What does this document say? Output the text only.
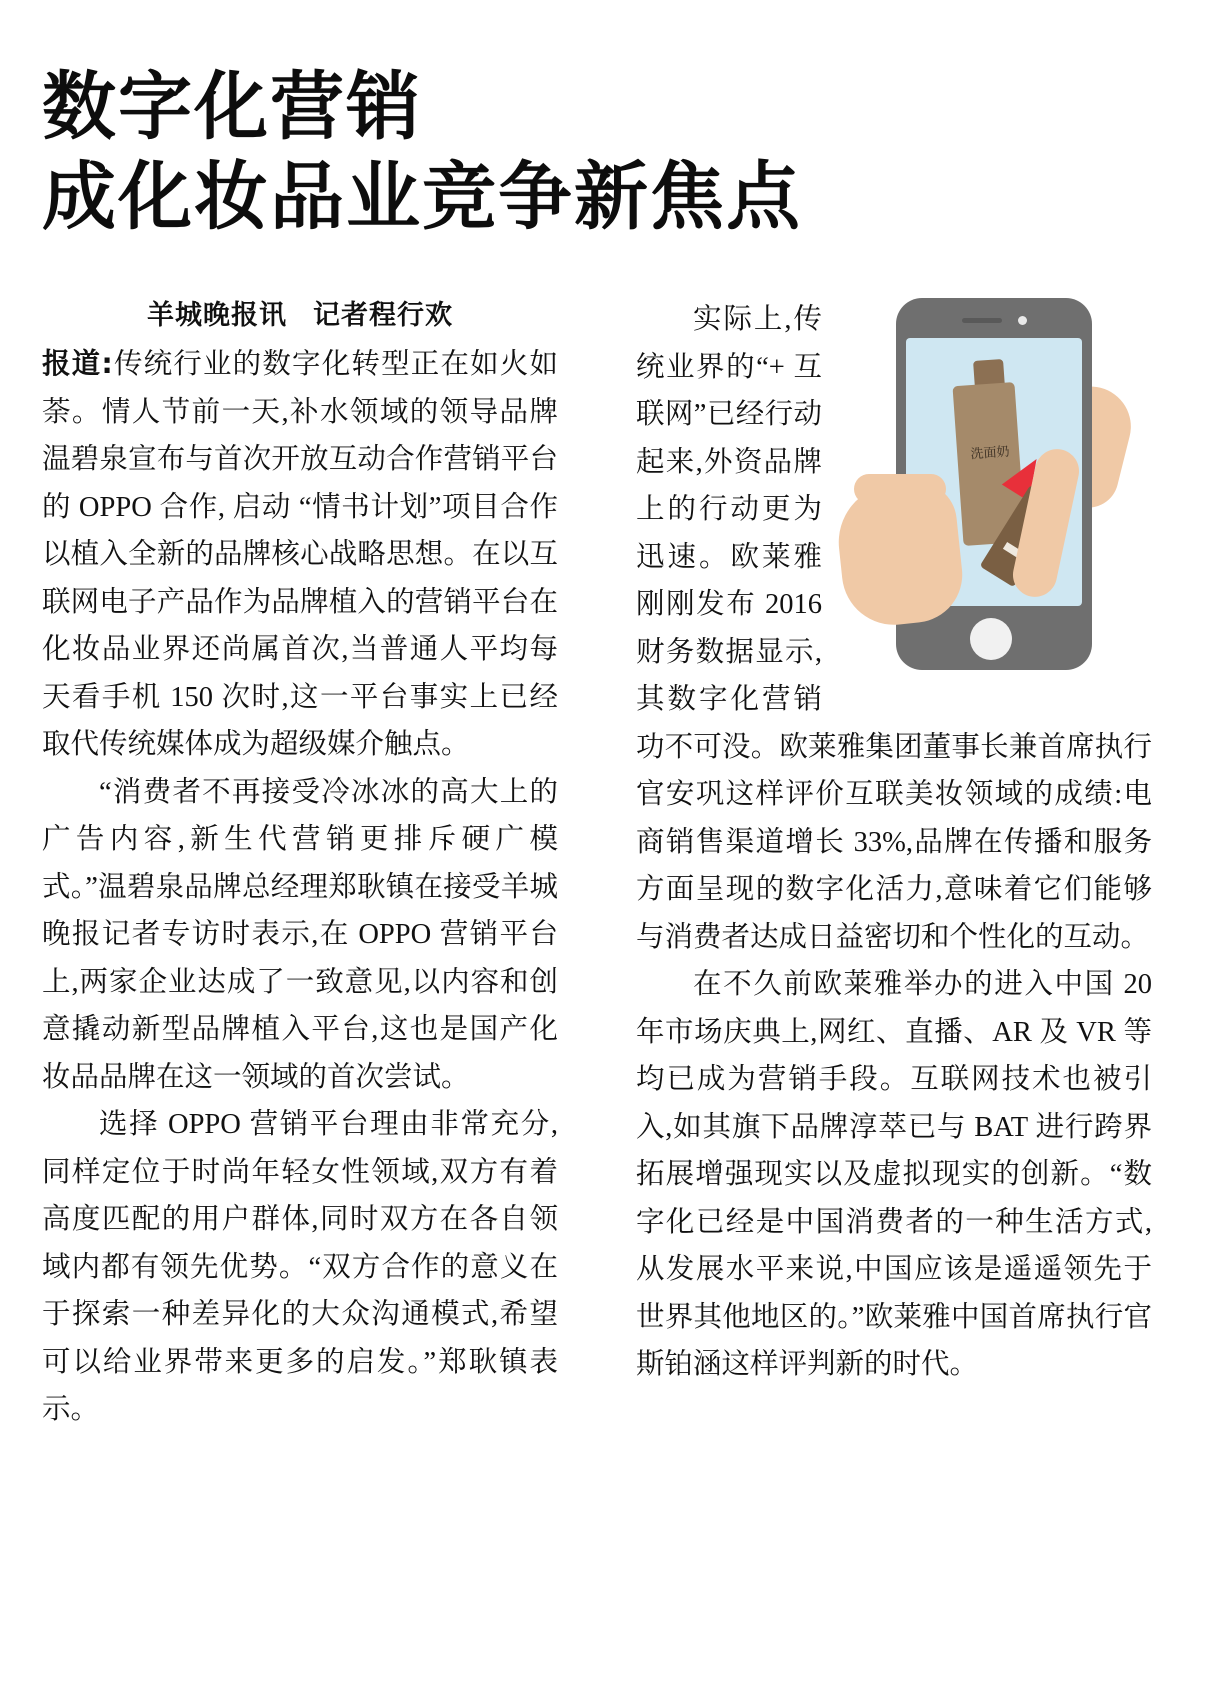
数字化营销
成化妆品业竞争新焦点
羊城晚报讯 记者程行欢

报道:传统行业的数字化转型正在如火如荼。情人节前一天,补水领域的领导品牌温碧泉宣布与首次开放互动合作营销平台的 OPPO 合作, 启动 “情书计划”项目合作以植入全新的品牌核心战略思想。在以互联网电子产品作为品牌植入的营销平台在化妆品业界还尚属首次,当普通人平均每天看手机 150 次时,这一平台事实上已经取代传统媒体成为超级媒介触点。

“消费者不再接受冷冰冰的高大上的广告内容,新生代营销更排斥硬广模式。”温碧泉品牌总经理郑耿镇在接受羊城晚报记者专访时表示,在 OPPO 营销平台上,两家企业达成了一致意见,以内容和创意撬动新型品牌植入平台,这也是国产化妆品品牌在这一领域的首次尝试。

选择 OPPO 营销平台理由非常充分,同样定位于时尚年轻女性领域,双方有着高度匹配的用户群体,同时双方在各自领域内都有领先优势。“双方合作的意义在于探索一种差异化的大众沟通模式,希望可以给业界带来更多的启发。”郑耿镇表示。

洗面奶

实际上,传统业界的“+ 互联网”已经行动起来,外资品牌上的行动更为迅速。欧莱雅刚刚发布 2016 财务数据显示,其数字化营销功不可没。欧莱雅集团董事长兼首席执行官安巩这样评价互联美妆领域的成绩:电商销售渠道增长 33%,品牌在传播和服务方面呈现的数字化活力,意味着它们能够与消费者达成日益密切和个性化的互动。

在不久前欧莱雅举办的进入中国 20 年市场庆典上,网红、直播、AR 及 VR 等均已成为营销手段。互联网技术也被引入,如其旗下品牌淳萃已与 BAT 进行跨界拓展增强现实以及虚拟现实的创新。“数字化已经是中国消费者的一种生活方式,从发展水平来说,中国应该是遥遥领先于世界其他地区的。”欧莱雅中国首席执行官斯铂涵这样评判新的时代。
